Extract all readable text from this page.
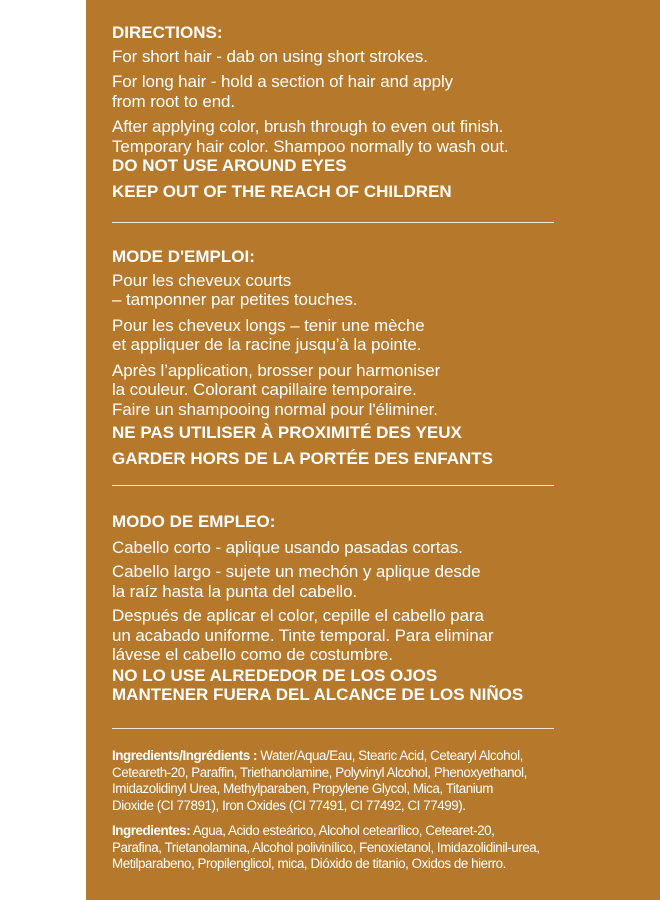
DIRECTIONS:

For short hair - dab on using short strokes.

For long hair - hold a section of hair and apply

from root to end.

After applying color, brush through to even out finish.

Temporary hair color. Shampoo normally to wash out.

DO NOT USE AROUND EYES

KEEP OUT OF THE REACH OF CHILDREN

MODE D'EMPLOI:

Pour les cheveux courts

– tamponner par petites touches.

Pour les cheveux longs – tenir une mèche

et appliquer de la racine jusqu’à la pointe.

Après l’application, brosser pour harmoniser

la couleur. Colorant capillaire temporaire.

Faire un shampooing normal pour l'éliminer.

NE PAS UTILISER À PROXIMITÉ DES YEUX

GARDER HORS DE LA PORTÉE DES ENFANTS

MODO DE EMPLEO:

Cabello corto - aplique usando pasadas cortas.

Cabello largo - sujete un mechón y aplique desde

la raíz hasta la punta del cabello.

Después de aplicar el color, cepille el cabello para

un acabado uniforme. Tinte temporal. Para eliminar

lávese el cabello como de costumbre.

NO LO USE ALREDEDOR DE LOS OJOS

MANTENER FUERA DEL ALCANCE DE LOS NIÑOS

Ingredients/Ingrédients : Water/Aqua/Eau, Stearic Acid, Cetearyl Alcohol,

Ceteareth-20, Paraffin, Triethanolamine, Polyvinyl Alcohol, Phenoxyethanol,

Imidazolidinyl Urea, Methylparaben, Propylene Glycol, Mica, Titanium

Dioxide (CI 77891), Iron Oxides (CI 77491, CI 77492, CI 77499).

Ingredientes: Agua, Acido esteárico, Alcohol cetearílico, Cetearet-20,

Parafina, Trietanolamina, Alcohol polivinílico, Fenoxietanol, Imidazolidinil-urea,

Metilparabeno, Propilenglicol, mica, Dióxido de titanio, Oxidos de hierro.
